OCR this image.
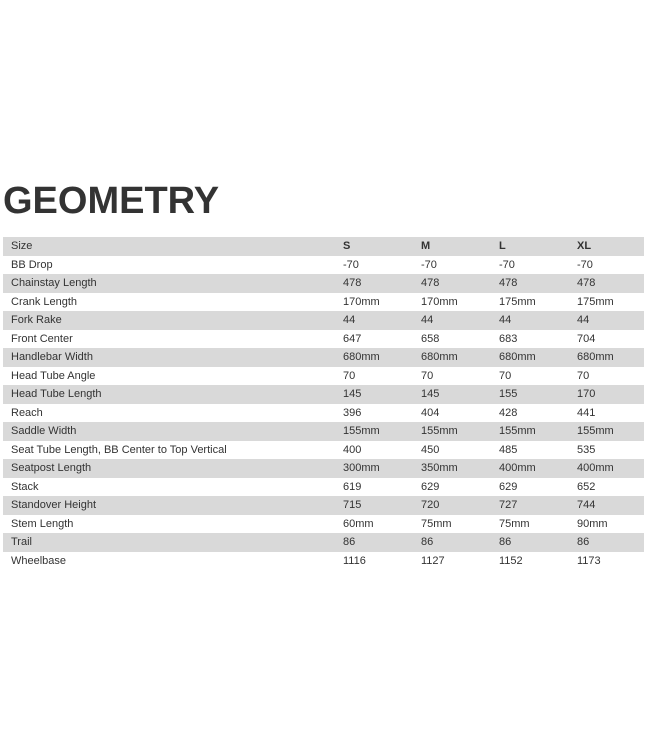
GEOMETRY
Size	S	M	L	XL
BB Drop	-70	-70	-70	-70
Chainstay Length	478	478	478	478
Crank Length	170mm	170mm	175mm	175mm
Fork Rake	44	44	44	44
Front Center	647	658	683	704
Handlebar Width	680mm	680mm	680mm	680mm
Head Tube Angle	70	70	70	70
Head Tube Length	145	145	155	170
Reach	396	404	428	441
Saddle Width	155mm	155mm	155mm	155mm
Seat Tube Length, BB Center to Top Vertical	400	450	485	535
Seatpost Length	300mm	350mm	400mm	400mm
Stack	619	629	629	652
Standover Height	715	720	727	744
Stem Length	60mm	75mm	75mm	90mm
Trail	86	86	86	86
Wheelbase	1116	1127	1152	1173
